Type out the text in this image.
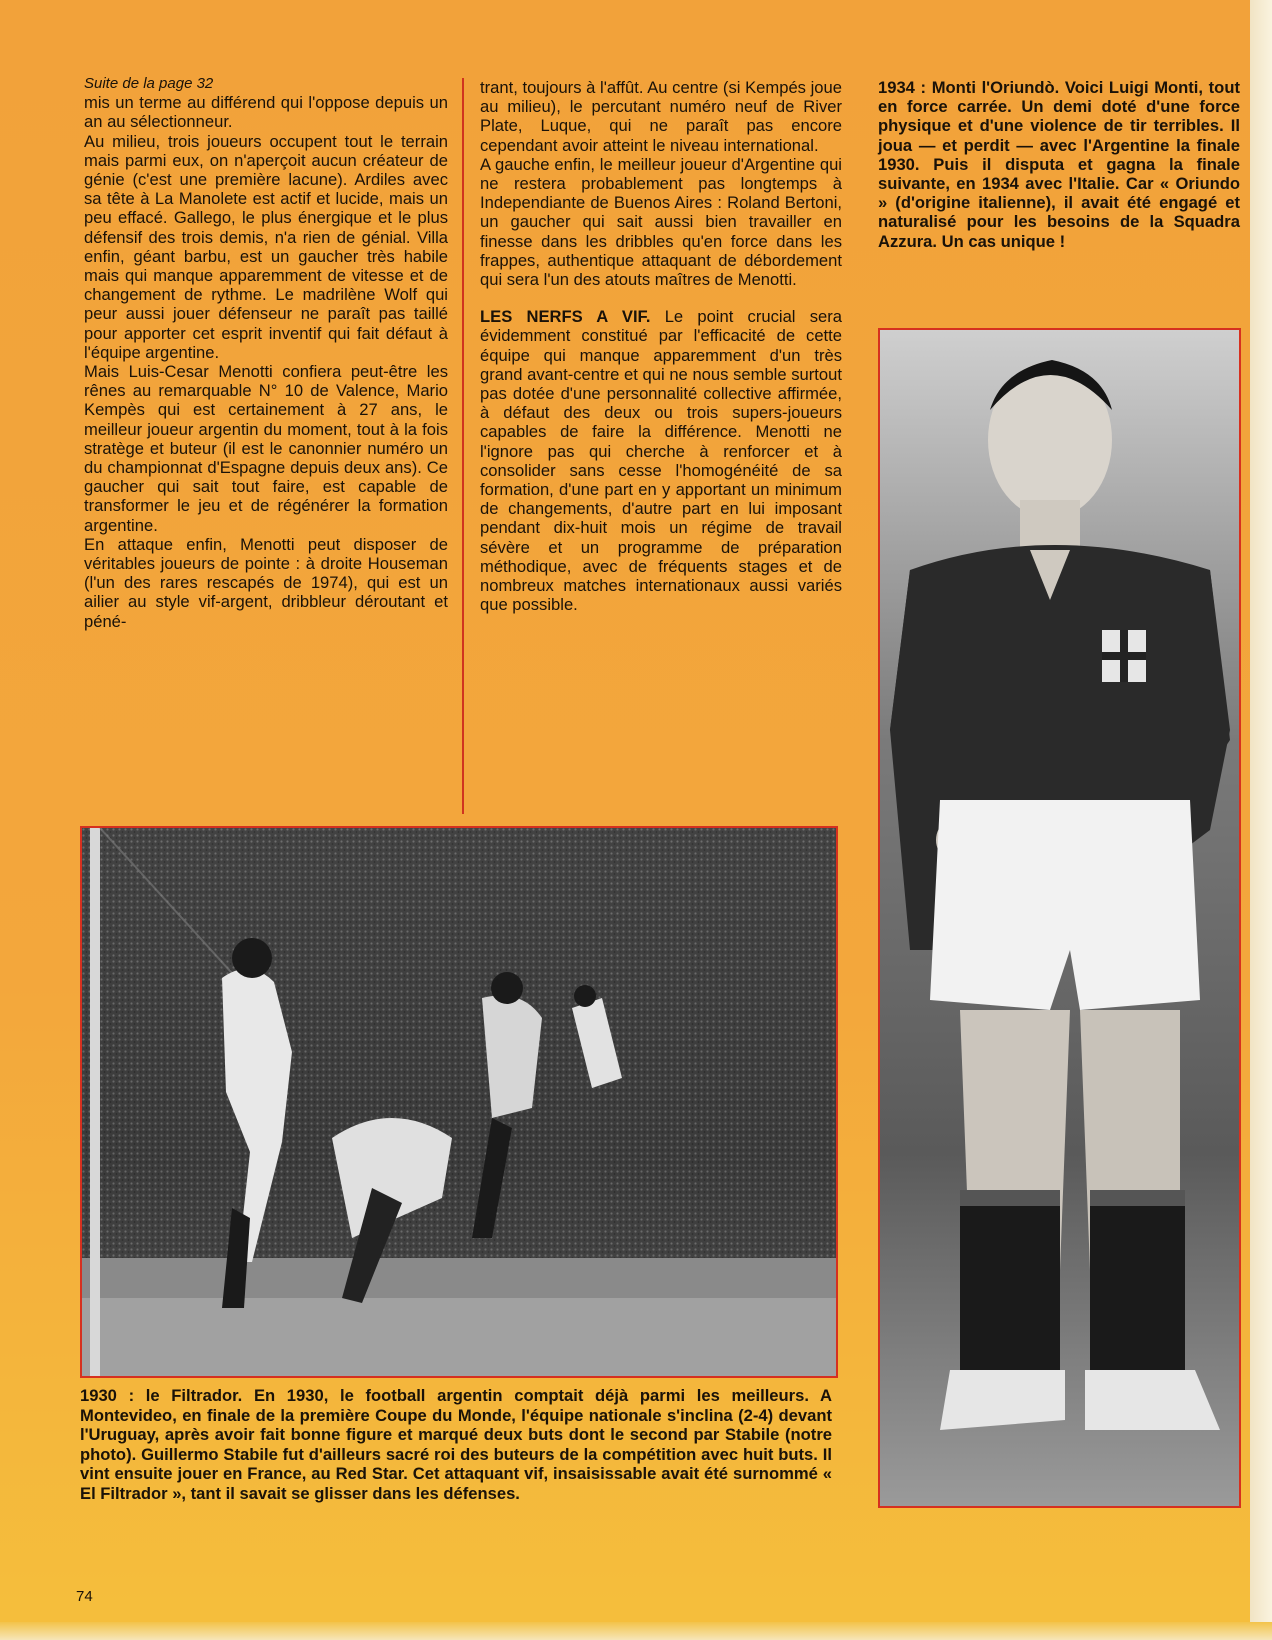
Suite de la page 32

mis un terme au différend qui l'oppose depuis un an au sélectionneur.

Au milieu, trois joueurs occupent tout le terrain mais parmi eux, on n'aperçoit aucun créateur de génie (c'est une première lacune). Ardiles avec sa tête à La Manolete est actif et lucide, mais un peu effacé. Gallego, le plus énergique et le plus défensif des trois demis, n'a rien de génial. Villa enfin, géant barbu, est un gaucher très habile mais qui manque apparemment de vitesse et de changement de rythme. Le madrilène Wolf qui peur aussi jouer défenseur ne paraît pas taillé pour apporter cet esprit inventif qui fait défaut à l'équipe argentine.

Mais Luis-Cesar Menotti confiera peut-être les rênes au remarquable N° 10 de Valence, Mario Kempès qui est certainement à 27 ans, le meilleur joueur argentin du moment, tout à la fois stratège et buteur (il est le canonnier numéro un du championnat d'Espagne depuis deux ans). Ce gaucher qui sait tout faire, est capable de transformer le jeu et de régénérer la formation argentine.

En attaque enfin, Menotti peut disposer de véritables joueurs de pointe : à droite Houseman (l'un des rares rescapés de 1974), qui est un ailier au style vif-argent, dribbleur déroutant et péné-

trant, toujours à l'affût. Au centre (si Kempés joue au milieu), le percutant numéro neuf de River Plate, Luque, qui ne paraît pas encore cependant avoir atteint le niveau international.

A gauche enfin, le meilleur joueur d'Argentine qui ne restera probablement pas longtemps à Independiante de Buenos Aires : Roland Bertoni, un gaucher qui sait aussi bien travailler en finesse dans les dribbles qu'en force dans les frappes, authentique attaquant de débordement qui sera l'un des atouts maîtres de Menotti.

LES NERFS A VIF. Le point crucial sera évidemment constitué par l'efficacité de cette équipe qui manque apparemment d'un très grand avant-centre et qui ne nous semble surtout pas dotée d'une personnalité collective affirmée, à défaut des deux ou trois supers-joueurs capables de faire la différence. Menotti ne l'ignore pas qui cherche à renforcer et à consolider sans cesse l'homogénéité de sa formation, d'une part en y apportant un minimum de changements, d'autre part en lui imposant pendant dix-huit mois un régime de travail sévère et un programme de préparation méthodique, avec de fréquents stages et de nombreux matches internationaux aussi variés que possible.

1934 : Monti l'Oriundò. Voici Luigi Monti, tout en force carrée. Un demi doté d'une force physique et d'une violence de tir terribles. Il joua — et perdit — avec l'Argentine la finale 1930. Puis il disputa et gagna la finale suivante, en 1934 avec l'Italie. Car « Oriundo » (d'origine italienne), il avait été engagé et naturalisé pour les besoins de la Squadra Azzura. Un cas unique !

1930 : le Filtrador. En 1930, le football argentin comptait déjà parmi les meilleurs. A Montevideo, en finale de la première Coupe du Monde, l'équipe nationale s'inclina (2-4) devant l'Uruguay, après avoir fait bonne figure et marqué deux buts dont le second par Stabile (notre photo). Guillermo Stabile fut d'ailleurs sacré roi des buteurs de la compétition avec huit buts. Il vint ensuite jouer en France, au Red Star. Cet attaquant vif, insaisissable avait été surnommé « El Filtrador », tant il savait se glisser dans les défenses.
74
